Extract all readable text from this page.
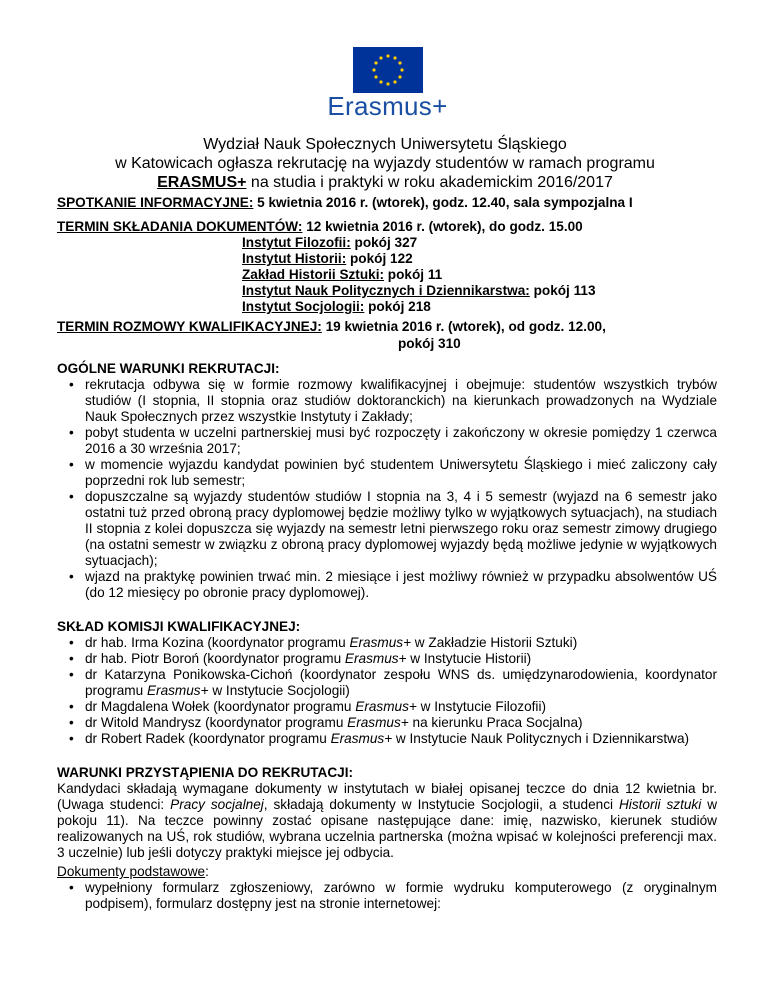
Erasmus+
Wydział Nauk Społecznych Uniwersytetu Śląskiego
w Katowicach ogłasza rekrutację na wyjazdy studentów w ramach programu
ERASMUS+ na studia i praktyki w roku akademickim 2016/2017
SPOTKANIE INFORMACYJNE: 5 kwietnia 2016 r. (wtorek), godz. 12.40, sala sympozjalna I
TERMIN SKŁADANIA DOKUMENTÓW: 12 kwietnia 2016 r. (wtorek), do godz. 15.00
Instytut Filozofii: pokój 327
Instytut Historii: pokój 122
Zakład Historii Sztuki: pokój 11
Instytut Nauk Politycznych i Dziennikarstwa: pokój 113
Instytut Socjologii: pokój 218
TERMIN ROZMOWY KWALIFIKACYJNEJ: 19 kwietnia 2016 r. (wtorek), od godz. 12.00,
pokój 310
OGÓLNE WARUNKI REKRUTACJI:
• rekrutacja odbywa się w formie rozmowy kwalifikacyjnej i obejmuje: studentów wszystkich trybów studiów (I stopnia, II stopnia oraz studiów doktoranckich) na kierunkach prowadzonych na Wydziale Nauk Społecznych przez wszystkie Instytuty i Zakłady;
• pobyt studenta w uczelni partnerskiej musi być rozpoczęty i zakończony w okresie pomiędzy 1 czerwca 2016 a 30 września 2017;
• w momencie wyjazdu kandydat powinien być studentem Uniwersytetu Śląskiego i mieć zaliczony cały poprzedni rok lub semestr;
• dopuszczalne są wyjazdy studentów studiów I stopnia na 3, 4 i 5 semestr (wyjazd na 6 semestr jako ostatni tuż przed obroną pracy dyplomowej będzie możliwy tylko w wyjątkowych sytuacjach), na studiach II stopnia z kolei dopuszcza się wyjazdy na semestr letni pierwszego roku oraz semestr zimowy drugiego (na ostatni semestr w związku z obroną pracy dyplomowej wyjazdy będą możliwe jedynie w wyjątkowych sytuacjach);
• wjazd na praktykę powinien trwać min. 2 miesiące i jest możliwy również w przypadku absolwentów UŚ (do 12 miesięcy po obronie pracy dyplomowej).
SKŁAD KOMISJI KWALIFIKACYJNEJ:
• dr hab. Irma Kozina (koordynator programu Erasmus+ w Zakładzie Historii Sztuki)
• dr hab. Piotr Boroń (koordynator programu Erasmus+ w Instytucie Historii)
• dr Katarzyna Ponikowska-Cichoń (koordynator zespołu WNS ds. umiędzynarodowienia, koordynator programu Erasmus+ w Instytucie Socjologii)
• dr Magdalena Wołek (koordynator programu Erasmus+ w Instytucie Filozofii)
• dr Witold Mandrysz (koordynator programu Erasmus+ na kierunku Praca Socjalna)
• dr Robert Radek (koordynator programu Erasmus+ w Instytucie Nauk Politycznych i Dziennikarstwa)
WARUNKI PRZYSTĄPIENIA DO REKRUTACJI:
Kandydaci składają wymagane dokumenty w instytutach w białej opisanej teczce do dnia 12 kwietnia br. (Uwaga studenci: Pracy socjalnej, składają dokumenty w Instytucie Socjologii, a studenci Historii sztuki w pokoju 11). Na teczce powinny zostać opisane następujące dane: imię, nazwisko, kierunek studiów realizowanych na UŚ, rok studiów, wybrana uczelnia partnerska (można wpisać w kolejności preferencji max. 3 uczelnie) lub jeśli dotyczy praktyki miejsce jej odbycia.
Dokumenty podstawowe:
• wypełniony formularz zgłoszeniowy, zarówno w formie wydruku komputerowego (z oryginalnym podpisem), formularz dostępny jest na stronie internetowej:
